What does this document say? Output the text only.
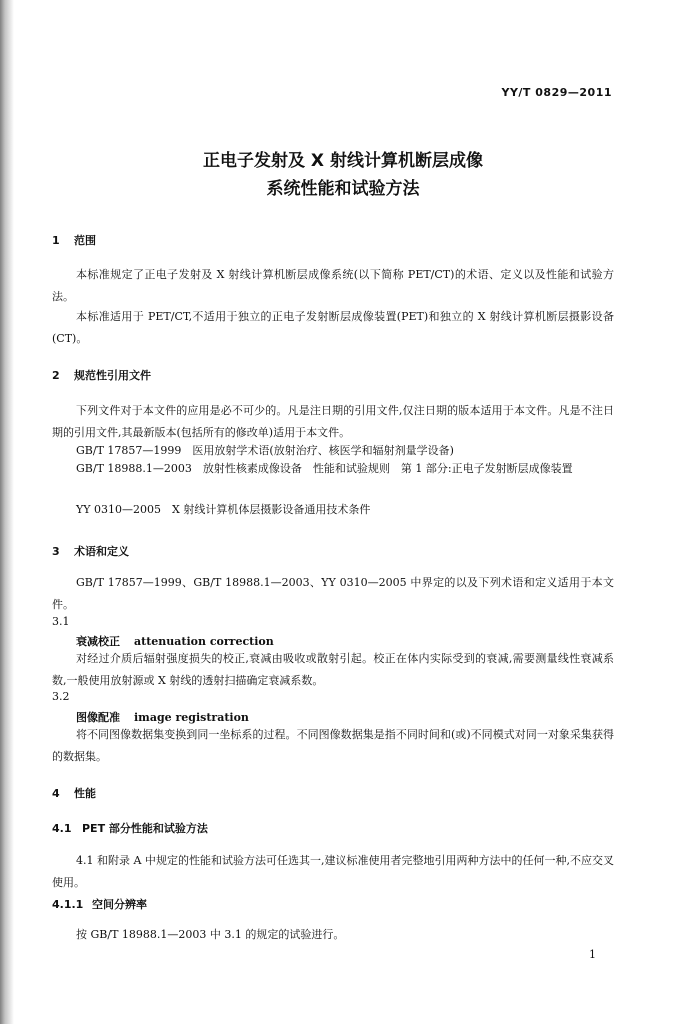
YY/T 0829—2011
正电子发射及 X 射线计算机断层成像
系统性能和试验方法
1 范围
本标准规定了正电子发射及 X 射线计算机断层成像系统(以下简称 PET/CT)的术语、定义以及性能和试验方法。
本标准适用于 PET/CT,不适用于独立的正电子发射断层成像装置(PET)和独立的 X 射线计算机断层摄影设备(CT)。
2 规范性引用文件
下列文件对于本文件的应用是必不可少的。凡是注日期的引用文件,仅注日期的版本适用于本文件。凡是不注日期的引用文件,其最新版本(包括所有的修改单)适用于本文件。
GB/T 17857—1999　医用放射学术语(放射治疗、核医学和辐射剂量学设备)
GB/T 18988.1—2003　放射性核素成像设备　性能和试验规则　第 1 部分:正电子发射断层成像装置
YY 0310—2005　X 射线计算机体层摄影设备通用技术条件
3 术语和定义
GB/T 17857—1999、GB/T 18988.1—2003、YY 0310—2005 中界定的以及下列术语和定义适用于本文件。
3.1
衰减校正 attenuation correction
对经过介质后辐射强度损失的校正,衰减由吸收或散射引起。校正在体内实际受到的衰减,需要测量线性衰减系数,一般使用放射源或 X 射线的透射扫描确定衰减系数。
3.2
图像配准 image registration
将不同图像数据集变换到同一坐标系的过程。不同图像数据集是指不同时间和(或)不同模式对同一对象采集获得的数据集。
4 性能
4.1 PET 部分性能和试验方法
4.1 和附录 A 中规定的性能和试验方法可任选其一,建议标准使用者完整地引用两种方法中的任何一种,不应交叉使用。
4.1.1 空间分辨率
按 GB/T 18988.1—2003 中 3.1 的规定的试验进行。
1
